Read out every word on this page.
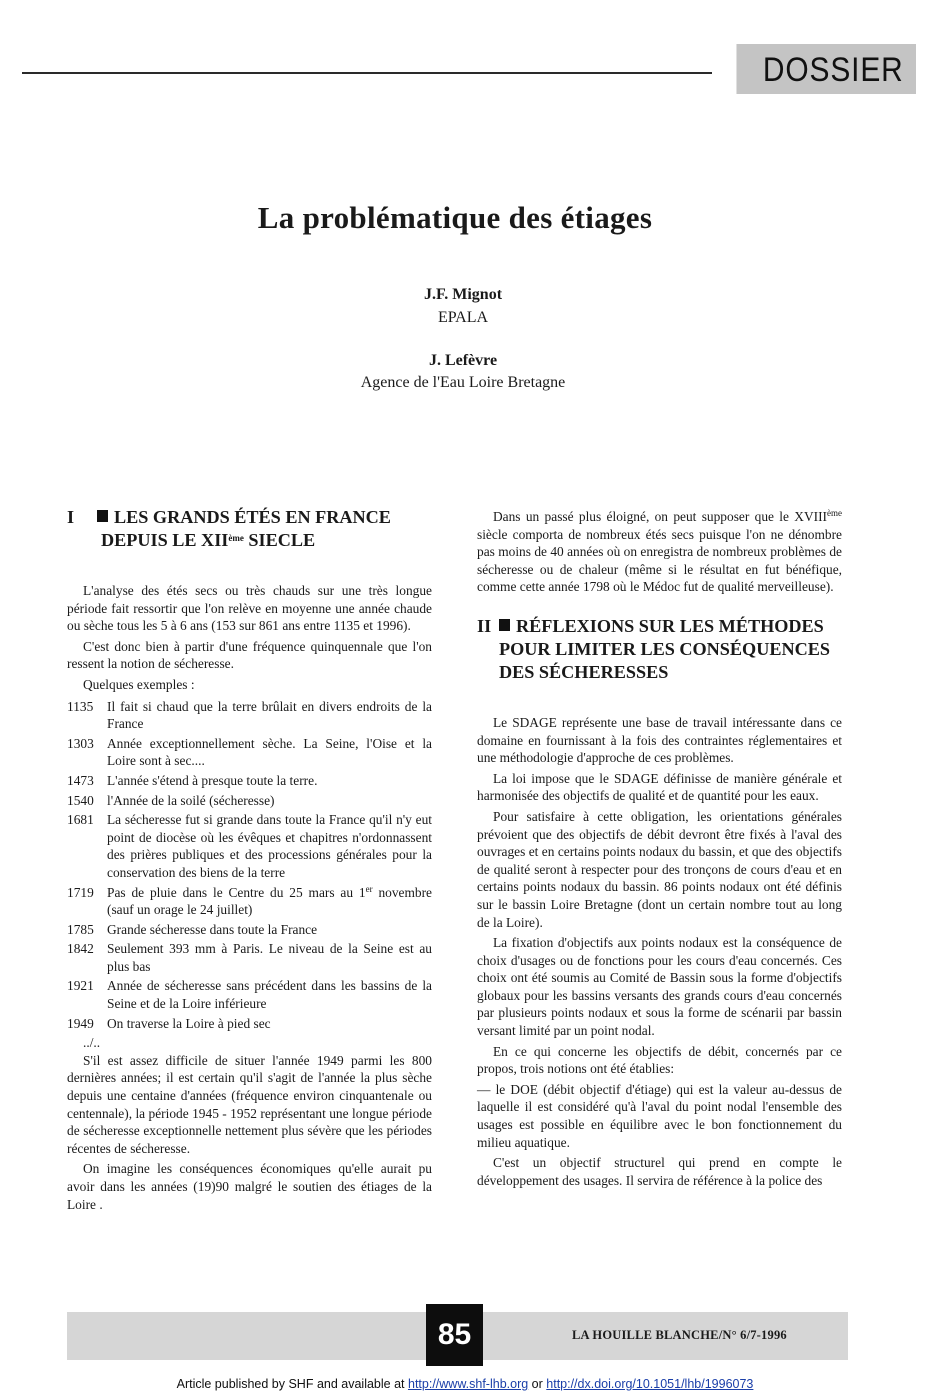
DOSSIER
La problématique des étiages
J.F. Mignot
EPALA
J. Lefèvre
Agence de l'Eau Loire Bretagne
I LES GRANDS ÉTÉS EN FRANCE
DEPUIS LE XIIème SIECLE

L'analyse des étés secs ou très chauds sur une très longue période fait ressortir que l'on relève en moyenne une année chaude ou sèche tous les 5 à 6 ans (153 sur 861 ans entre 1135 et 1996).

C'est donc bien à partir d'une fréquence quinquennale que l'on ressent la notion de sécheresse.

Quelques exemples :

1135 Il fait si chaud que la terre brûlait en divers endroits de la France
1303 Année exceptionnellement sèche. La Seine, l'Oise et la Loire sont à sec....
1473 L'année s'étend à presque toute la terre.
1540 l'Année de la soilé (sécheresse)
1681 La sécheresse fut si grande dans toute la France qu'il n'y eut point de diocèse où les évêques et chapitres n'ordonnassent des prières publiques et des processions générales pour la conservation des biens de la terre
1719 Pas de pluie dans le Centre du 25 mars au 1er novembre (sauf un orage le 24 juillet)
1785 Grande sécheresse dans toute la France
1842 Seulement 393 mm à Paris. Le niveau de la Seine est au plus bas
1921 Année de sécheresse sans précédent dans les bassins de la Seine et de la Loire inférieure
1949 On traverse la Loire à pied sec

../..

S'il est assez difficile de situer l'année 1949 parmi les 800 dernières années; il est certain qu'il s'agit de l'année la plus sèche depuis une centaine d'années (fréquence environ cinquantenale ou centennale), la période 1945 - 1952 représentant une longue période de sécheresse exceptionnelle nettement plus sévère que les périodes récentes de sécheresse.

On imagine les conséquences économiques qu'elle aurait pu avoir dans les années (19)90 malgré le soutien des étiages de la Loire .

Dans un passé plus éloigné, on peut supposer que le XVIIIème siècle comporta de nombreux étés secs puisque l'on ne dénombre pas moins de 40 années où on enregistra de nombreux problèmes de sécheresse ou de chaleur (même si le résultat en fut bénéfique, comme cette année 1798 où le Médoc fut de qualité merveilleuse).

II RÉFLEXIONS SUR LES MÉTHODES
POUR LIMITER LES CONSÉQUENCES
DES SÉCHERESSES

Le SDAGE représente une base de travail intéressante dans ce domaine en fournissant à la fois des contraintes réglementaires et une méthodologie d'approche de ces problèmes.

La loi impose que le SDAGE définisse de manière générale et harmonisée des objectifs de qualité et de quantité pour les eaux.

Pour satisfaire à cette obligation, les orientations générales prévoient que des objectifs de débit devront être fixés à l'aval des ouvrages et en certains points nodaux du bassin, et que des objectifs de qualité seront à respecter pour des tronçons de cours d'eau et en certains points nodaux du bassin. 86 points nodaux ont été définis sur le bassin Loire Bretagne (dont un certain nombre tout au long de la Loire).

La fixation d'objectifs aux points nodaux est la conséquence de choix d'usages ou de fonctions pour les cours d'eau concernés. Ces choix ont été soumis au Comité de Bassin sous la forme d'objectifs globaux pour les bassins versants des grands cours d'eau concernés par plusieurs points nodaux et sous la forme de scénarii par bassin versant limité par un point nodal.

En ce qui concerne les objectifs de débit, concernés par ce propos, trois notions ont été établies:

— le DOE (débit objectif d'étiage) qui est la valeur au-dessus de laquelle il est considéré qu'à l'aval du point nodal l'ensemble des usages est possible en équilibre avec le bon fonctionnement du milieu aquatique.

C'est un objectif structurel qui prend en compte le développement des usages. Il servira de référence à la police des

85	LA HOUILLE BLANCHE/N° 6/7-1996
Article published by SHF and available at http://www.shf-lhb.org or http://dx.doi.org/10.1051/lhb/1996073
